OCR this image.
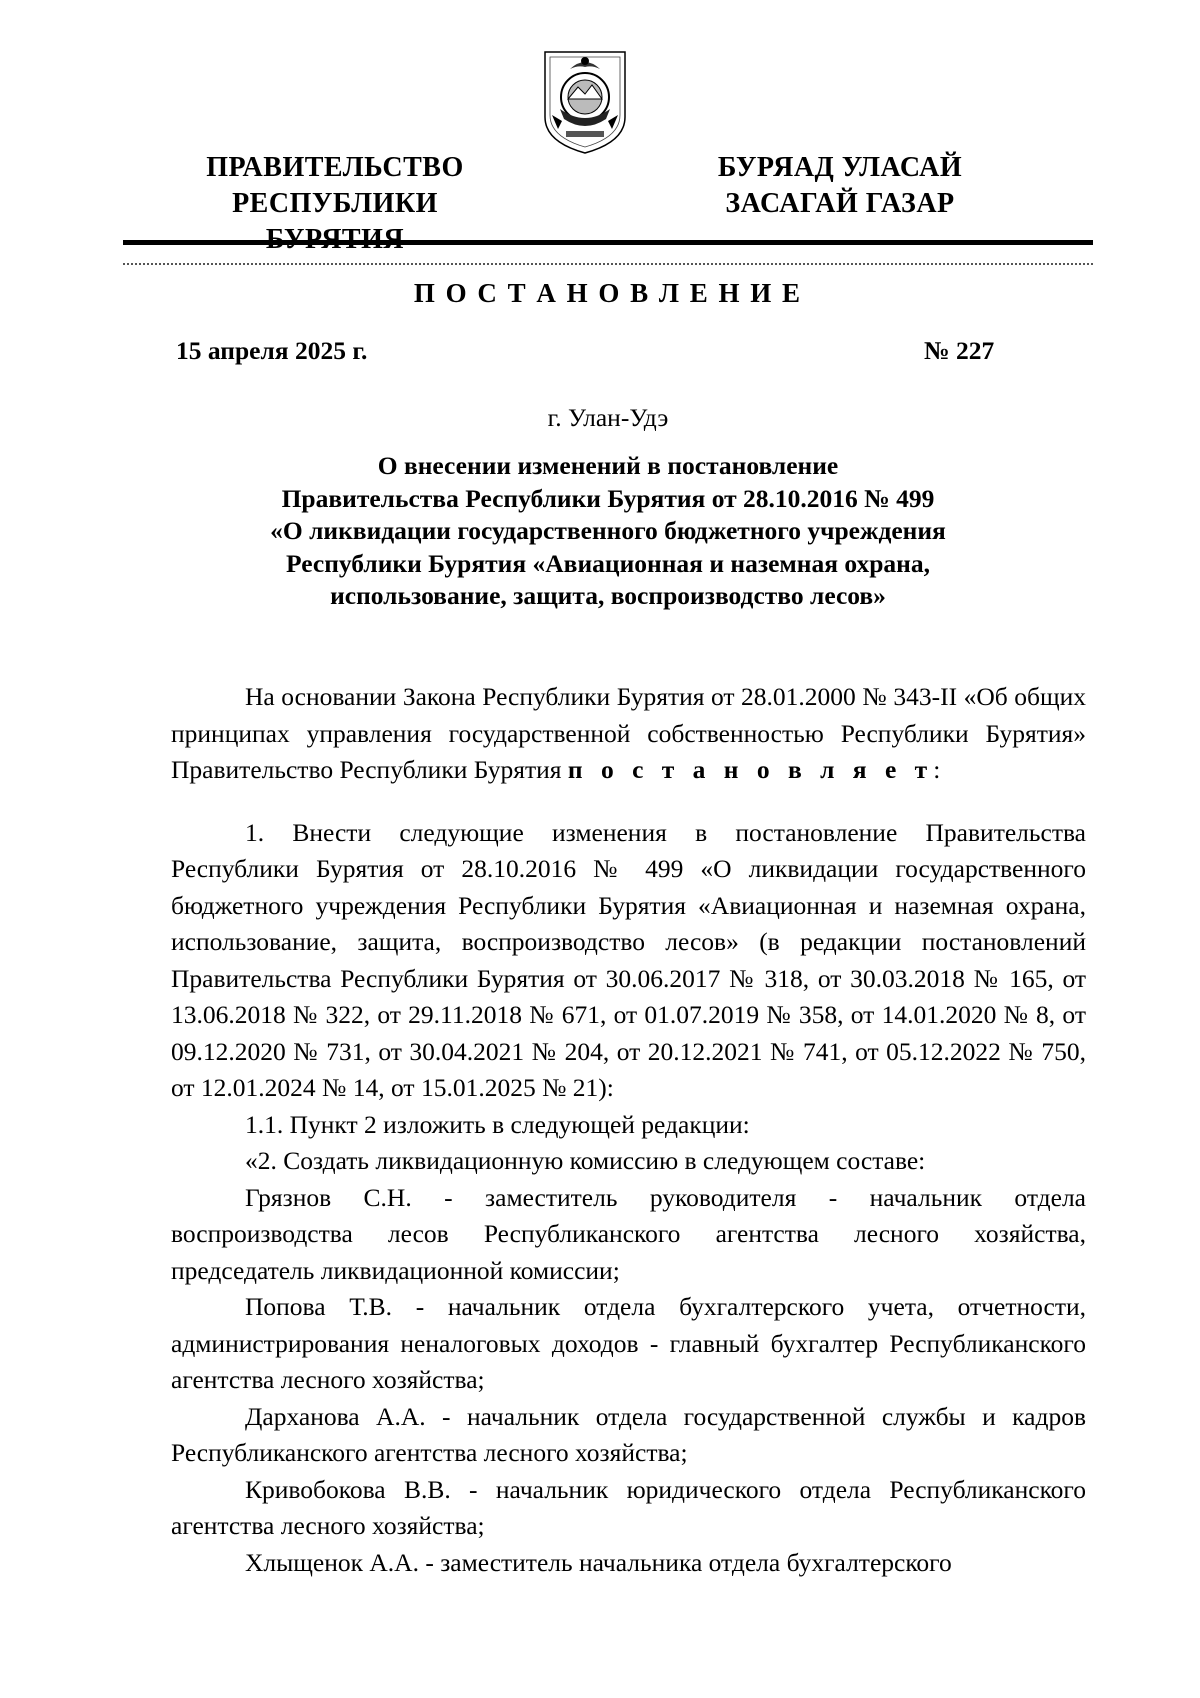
ПРАВИТЕЛЬСТВО
РЕСПУБЛИКИ
БУРЯАД УЛАСАЙ
ЗАСАГАЙ ГАЗАР
П О С Т А Н О В Л Е Н И Е
15 апреля 2025 г.	№ 227
г. Улан-Удэ
О внесении изменений в постановление
Правительства Республики Бурятия от 28.10.2016 № 499
«О ликвидации государственного бюджетного учреждения
Республики Бурятия «Авиационная и наземная охрана,
использование, защита, воспроизводство лесов»

На основании Закона Республики Бурятия от 28.01.2000 № 343-II «Об общих принципах управления государственной собственностью Республики Бурятия» Правительство Республики Бурятия п о с т а н о в л я е т:

1. Внести следующие изменения в постановление Правительства Республики Бурятия от 28.10.2016 № 499 «О ликвидации государственного бюджетного учреждения Республики Бурятия «Авиационная и наземная охрана, использование, защита, воспроизводство лесов» (в редакции постановлений Правительства Республики Бурятия от 30.06.2017 № 318, от 30.03.2018 № 165, от 13.06.2018 № 322, от 29.11.2018 № 671, от 01.07.2019 № 358, от 14.01.2020 № 8, от 09.12.2020 № 731, от 30.04.2021 № 204, от 20.12.2021 № 741, от 05.12.2022 № 750, от 12.01.2024 № 14, от 15.01.2025 № 21):

1.1. Пункт 2 изложить в следующей редакции:

«2. Создать ликвидационную комиссию в следующем составе:

Грязнов С.Н. - заместитель руководителя - начальник отдела воспроизводства лесов Республиканского агентства лесного хозяйства, председатель ликвидационной комиссии;

Попова Т.В. - начальник отдела бухгалтерского учета, отчетности, администрирования неналоговых доходов - главный бухгалтер Республиканского агентства лесного хозяйства;

Дарханова А.А. - начальник отдела государственной службы и кадров Республиканского агентства лесного хозяйства;

Кривобокова В.В. - начальник юридического отдела Республиканского агентства лесного хозяйства;

Хлыщенок А.А. - заместитель начальника отдела бухгалтерского
